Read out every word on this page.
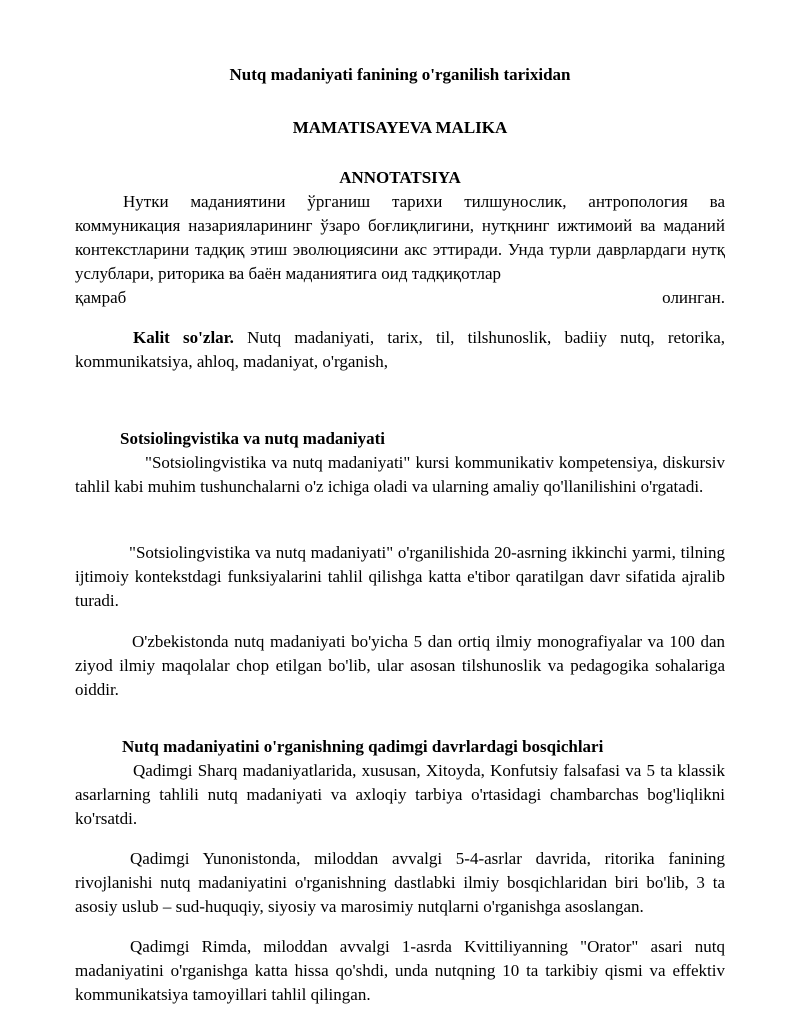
Nutq madaniyati fanining o'rganilish tarixidan
MAMATISAYEVA MALIKA
ANNOTATSIYA

Нутки маданиятини ўрганиш тарихи тилшунослик, антропология ва коммуникация назарияларининг ўзаро боғлиқлигини, нутқнинг ижтимоий ва маданий контекстларини тадқиқ этиш эволюциясини акс эттиради. Унда турли даврлардаги нутқ услублари, риторика ва баён маданиятига оид тадқиқотлар

қамраб	олинган.

Kalit so'zlar. Nutq madaniyati, tarix, til, tilshunoslik, badiiy nutq, retorika, kommunikatsiya, ahloq, madaniyat, o'rganish,

Sotsiolingvistika va nutq madaniyati

"Sotsiolingvistika va nutq madaniyati" kursi kommunikativ kompetensiya, diskursiv tahlil kabi muhim tushunchalarni o'z ichiga oladi va ularning amaliy qo'llanilishini o'rgatadi.

"Sotsiolingvistika va nutq madaniyati" o'rganilishida 20-asrning ikkinchi yarmi, tilning ijtimoiy kontekstdagi funksiyalarini tahlil qilishga katta e'tibor qaratilgan davr sifatida ajralib turadi.

O'zbekistonda nutq madaniyati bo'yicha 5 dan ortiq ilmiy monografiyalar va 100 dan ziyod ilmiy maqolalar chop etilgan bo'lib, ular asosan tilshunoslik va pedagogika sohalariga oiddir.

Nutq madaniyatini o'rganishning qadimgi davrlardagi bosqichlari

Qadimgi Sharq madaniyatlarida, xususan, Xitoyda, Konfutsiy falsafasi va 5 ta klassik asarlarning tahlili nutq madaniyati va axloqiy tarbiya o'rtasidagi chambarchas bog'liqlikni ko'rsatdi.

Qadimgi Yunonistonda, miloddan avvalgi 5-4-asrlar davrida, ritorika fanining rivojlanishi nutq madaniyatini o'rganishning dastlabki ilmiy bosqichlaridan biri bo'lib, 3 ta asosiy uslub – sud-huquqiy, siyosiy va marosimiy nutqlarni o'rganishga asoslangan.

Qadimgi Rimda, miloddan avvalgi 1-asrda Kvittiliyanning "Orator" asari nutq madaniyatini o'rganishga katta hissa qo'shdi, unda nutqning 10 ta tarkibiy qismi va effektiv kommunikatsiya tamoyillari tahlil qilingan.
